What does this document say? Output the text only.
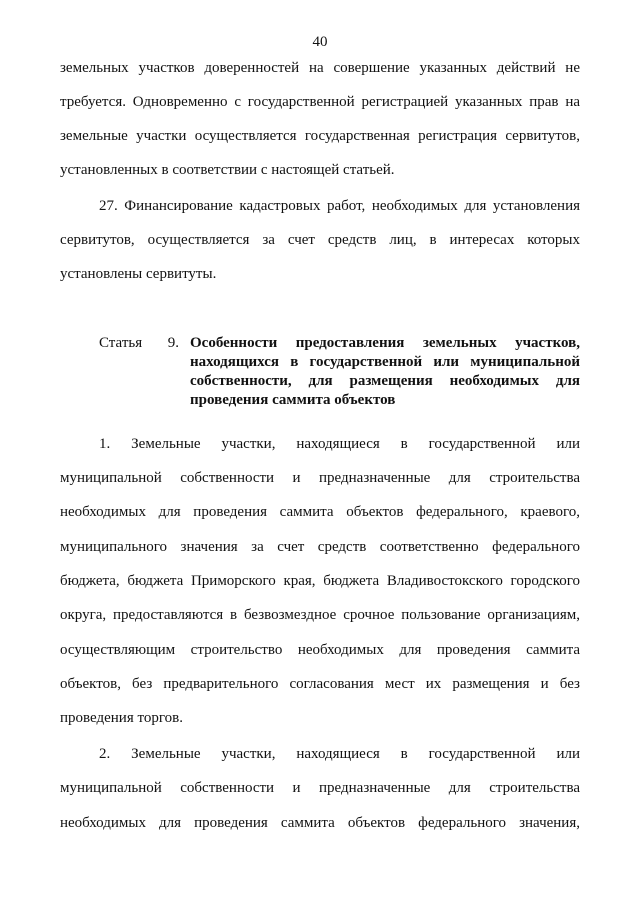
40
земельных участков доверенностей на совершение указанных действий не
требуется. Одновременно с государственной регистрацией указанных прав на
земельные участки осуществляется государственная регистрация сервитутов,
установленных в соответствии с настоящей статьей.
27. Финансирование кадастровых работ, необходимых для установления
сервитутов, осуществляется за счет средств лиц, в интересах которых
установлены сервитуты.
Статья 9. Особенности предоставления земельных участков,
находящихся в государственной или муниципальной
собственности, для размещения необходимых для
проведения саммита объектов
1. Земельные участки, находящиеся в государственной или
муниципальной собственности и предназначенные для строительства
необходимых для проведения саммита объектов федерального, краевого,
муниципального значения за счет средств соответственно федерального
бюджета, бюджета Приморского края, бюджета Владивостокского городского
округа, предоставляются в безвозмездное срочное пользование организациям,
осуществляющим строительство необходимых для проведения саммита
объектов, без предварительного согласования мест их размещения и без
проведения торгов.
2. Земельные участки, находящиеся в государственной или
муниципальной собственности и предназначенные для строительства
необходимых для проведения саммита объектов федерального значения,
